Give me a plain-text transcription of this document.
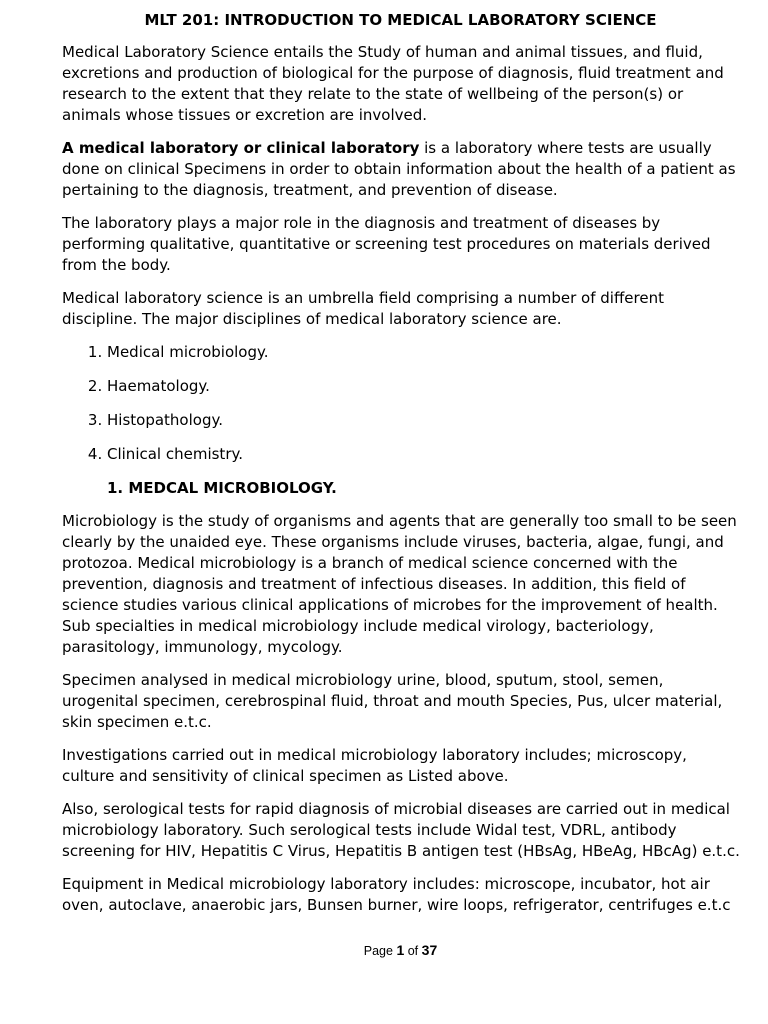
MLT 201: INTRODUCTION TO MEDICAL LABORATORY SCIENCE

Medical Laboratory Science entails the Study of human and animal tissues, and fluid, excretions and production of biological for the purpose of diagnosis, fluid treatment and research to the extent that they relate to the state of wellbeing of the person(s) or animals whose tissues or excretion are involved.

A medical laboratory or clinical laboratory is a laboratory where tests are usually done on clinical Specimens in order to obtain information about the health of a patient as pertaining to the diagnosis, treatment, and prevention of disease.

The laboratory plays a major role in the diagnosis and treatment of diseases by performing qualitative, quantitative or screening test procedures on materials derived from the body.

Medical laboratory science is an umbrella field comprising a number of different discipline. The major disciplines of medical laboratory science are.

1. Medical microbiology.
2. Haematology.
3. Histopathology.
4. Clinical chemistry.
1. MEDCAL MICROBIOLOGY.

Microbiology is the study of organisms and agents that are generally too small to be seen clearly by the unaided eye. These organisms include viruses, bacteria, algae, fungi, and protozoa. Medical microbiology is a branch of medical science concerned with the prevention, diagnosis and treatment of infectious diseases. In addition, this field of science studies various clinical applications of microbes for the improvement of health. Sub specialties in medical microbiology include medical virology, bacteriology, parasitology, immunology, mycology.

Specimen analysed in medical microbiology urine, blood, sputum, stool, semen, urogenital specimen, cerebrospinal fluid, throat and mouth Species, Pus, ulcer material, skin specimen e.t.c.

Investigations carried out in medical microbiology laboratory includes; microscopy, culture and sensitivity of clinical specimen as Listed above.

Also, serological tests for rapid diagnosis of microbial diseases are carried out in medical microbiology laboratory. Such serological tests include Widal test, VDRL, antibody screening for HIV, Hepatitis C Virus, Hepatitis B antigen test (HBsAg, HBeAg, HBcAg) e.t.c.

Equipment in Medical microbiology laboratory includes: microscope, incubator, hot air oven, autoclave, anaerobic jars, Bunsen burner, wire loops, refrigerator, centrifuges e.t.c

Page 1 of 37
